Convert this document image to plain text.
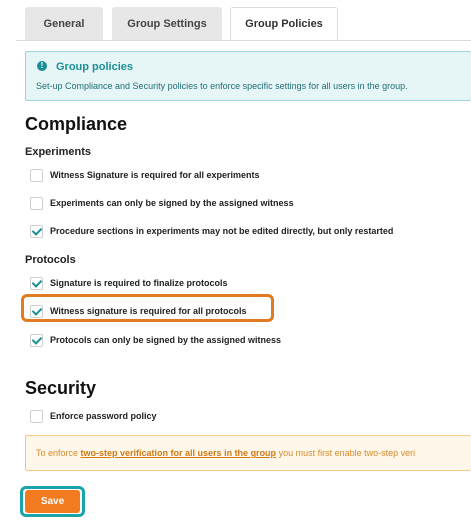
General	Group Settings	Group Policies
!	Group policies
Set-up Compliance and Security policies to enforce specific settings for all users in the group.
Compliance
Experiments
Witness Signature is required for all experiments
Experiments can only be signed by the assigned witness
Procedure sections in experiments may not be edited directly, but only restarted
Protocols
Signature is required to finalize protocols
Witness signature is required for all protocols
Protocols can only be signed by the assigned witness
Security
Enforce password policy
To enforce two-step verification for all users in the group you must first enable two-step veri
Save
